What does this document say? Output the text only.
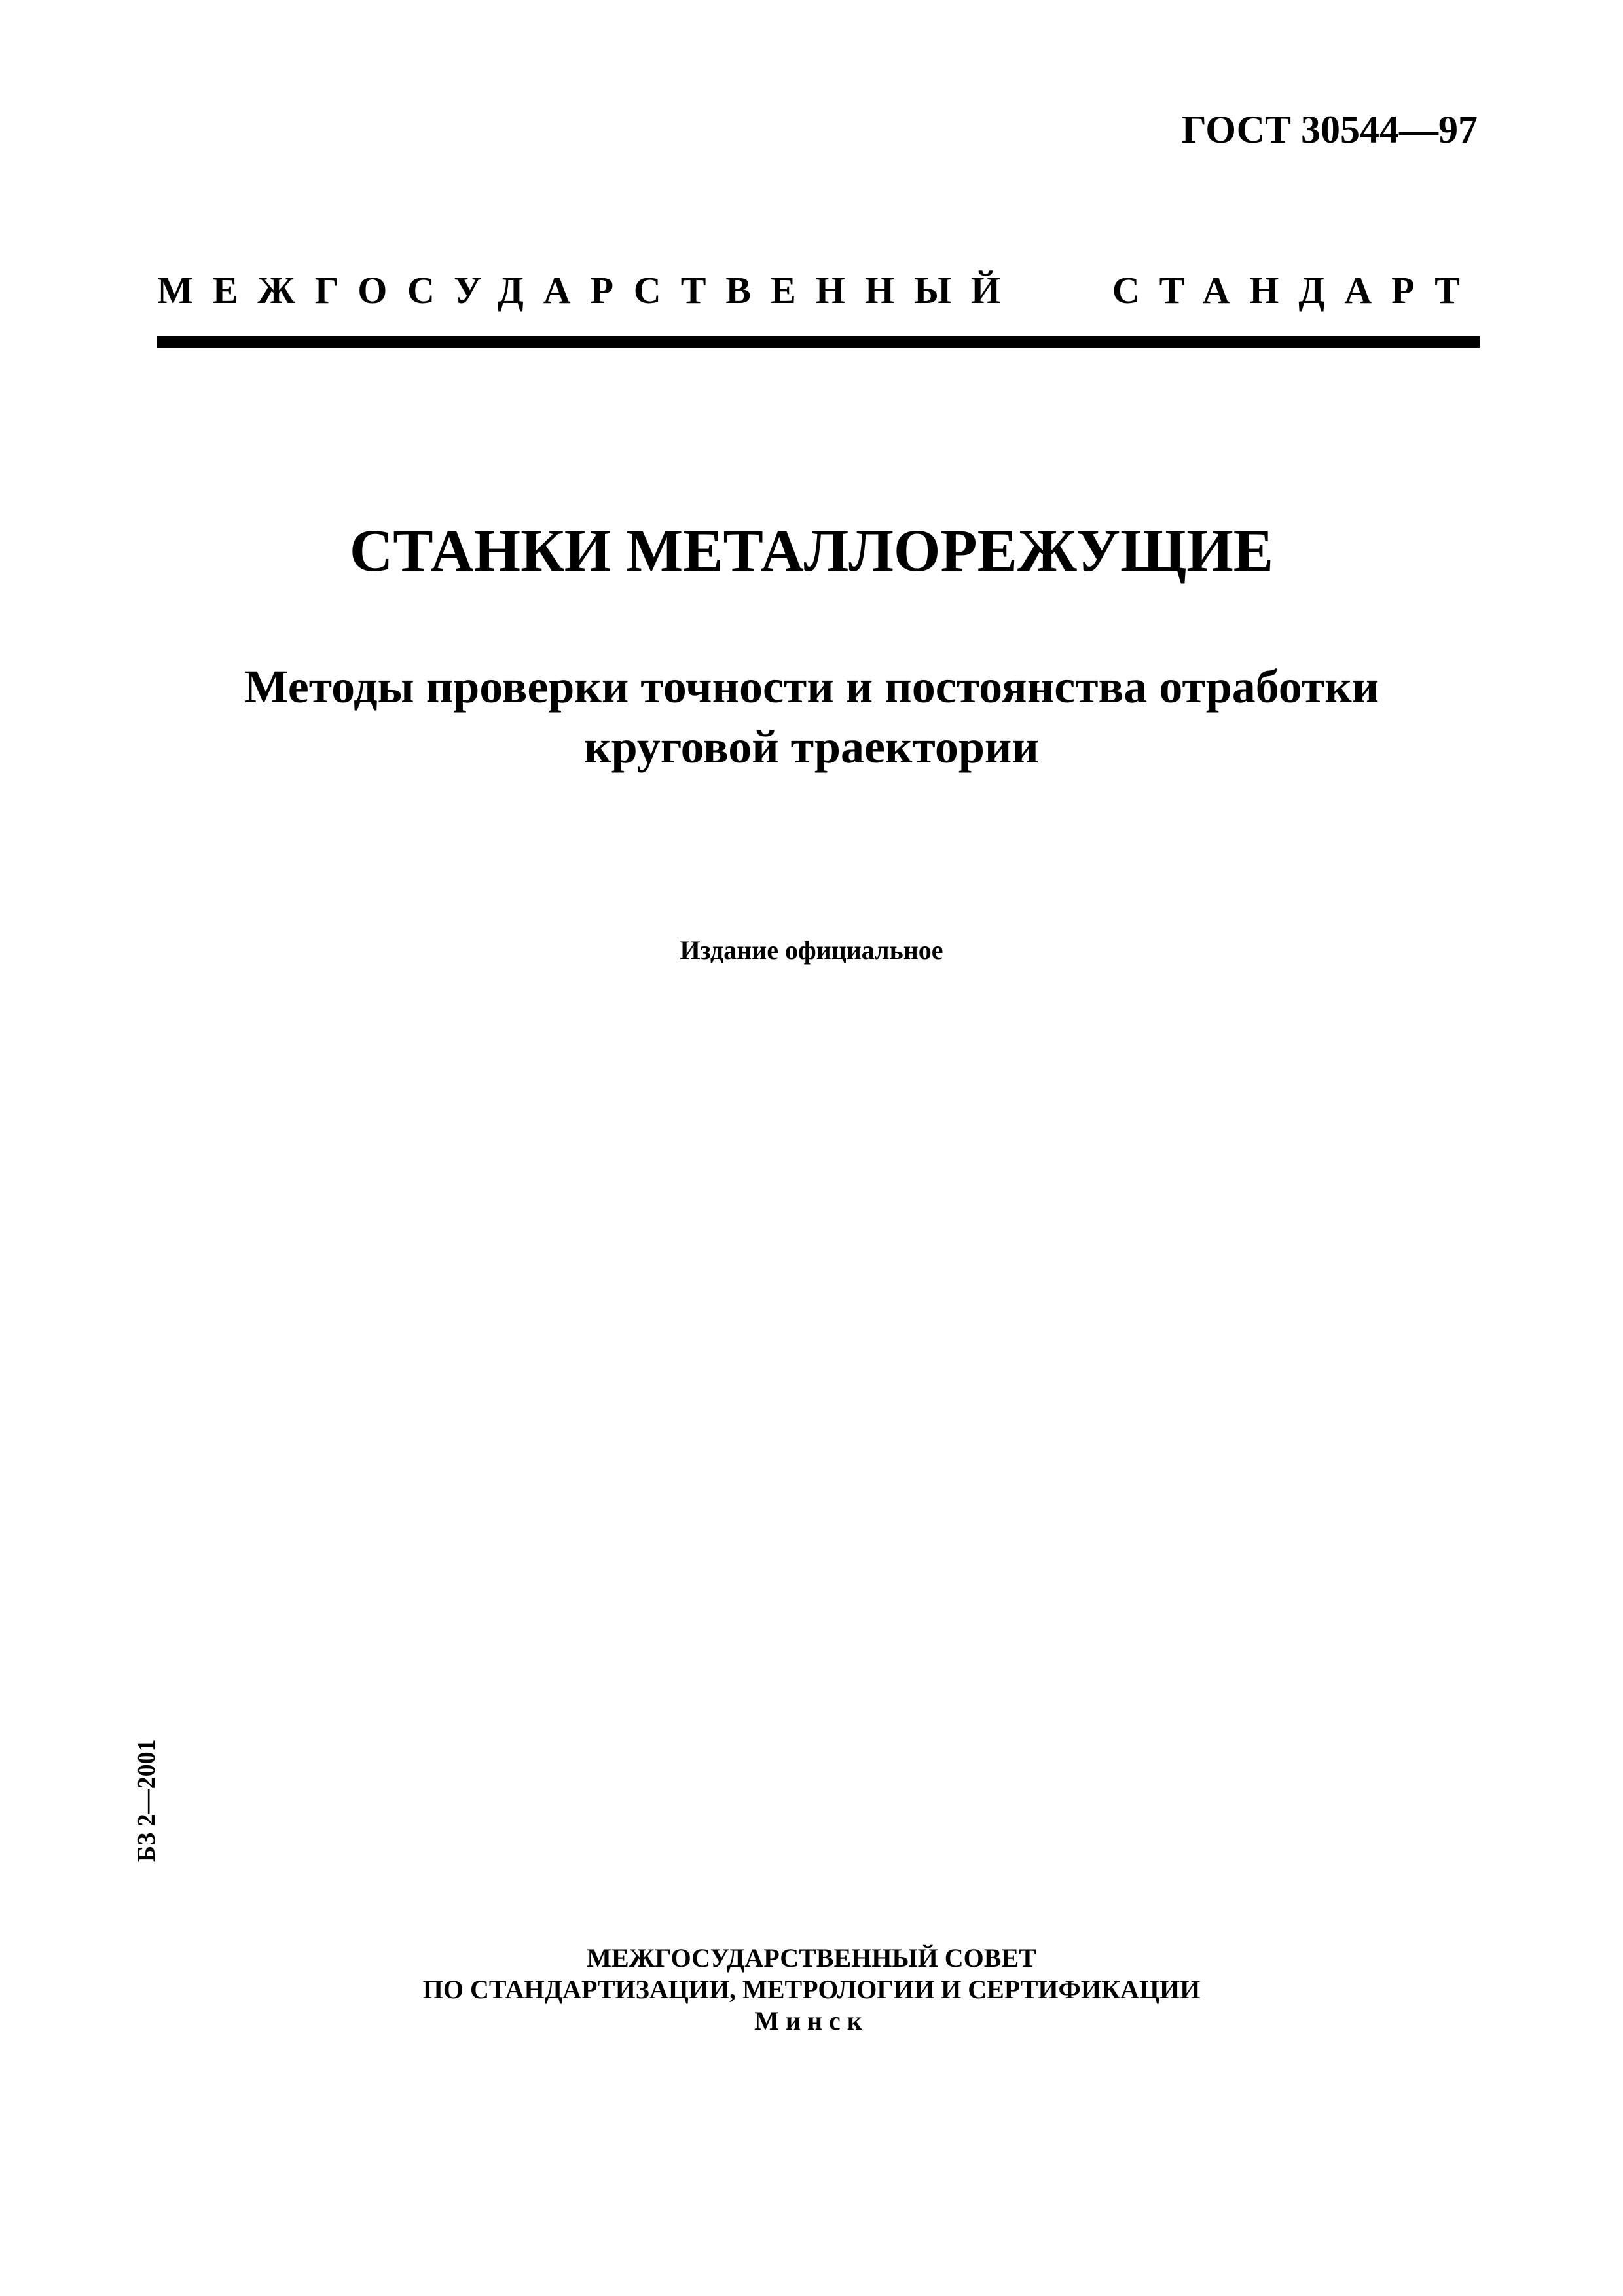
ГОСТ 30544—97
МЕЖГОСУДАРСТВЕННЫЙ СТАНДАРТ
СТАНКИ МЕТАЛЛОРЕЖУЩИЕ
Методы проверки точности и постоянства отработки
круговой траектории
Издание официальное
БЗ 2—2001
МЕЖГОСУДАРСТВЕННЫЙ СОВЕТ
ПО СТАНДАРТИЗАЦИИ, МЕТРОЛОГИИ И СЕРТИФИКАЦИИ
Минск
